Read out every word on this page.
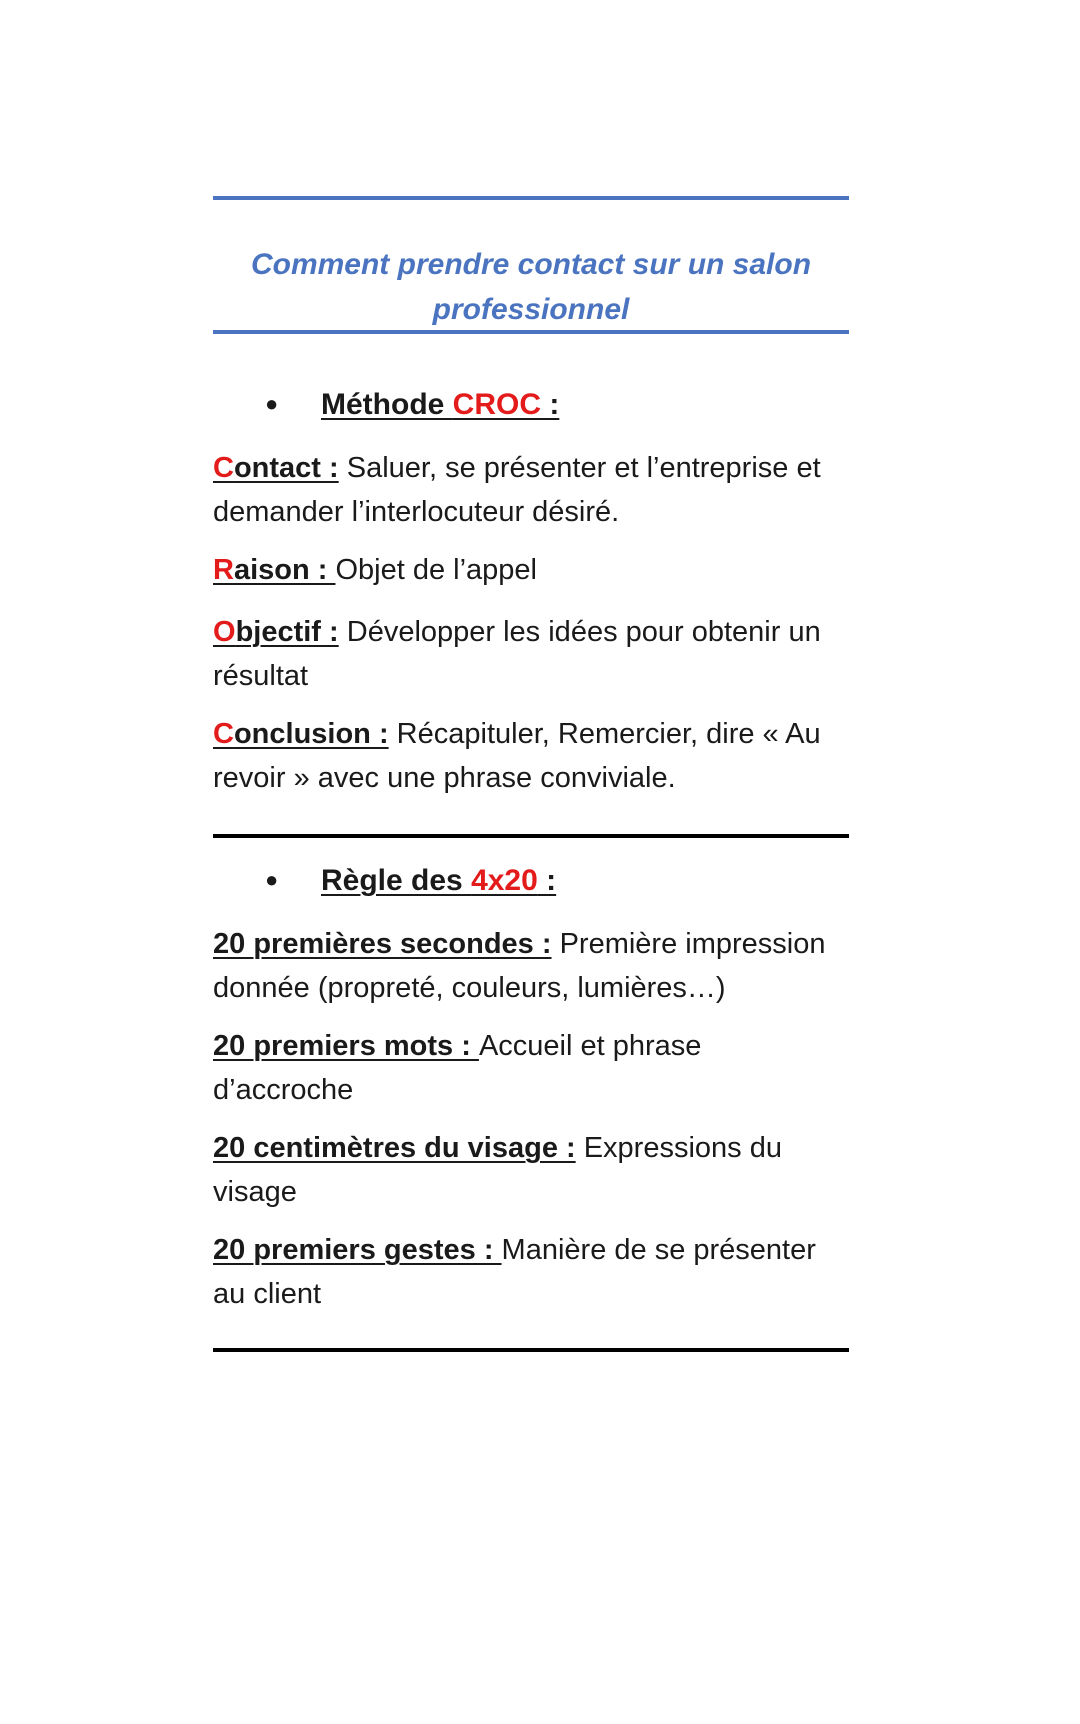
Comment prendre contact sur un salon professionnel
● Méthode CROC :

Contact : Saluer, se présenter et l’entreprise et demander l’interlocuteur désiré.

Raison : Objet de l’appel

Objectif : Développer les idées pour obtenir un résultat

Conclusion : Récapituler, Remercier, dire « Au revoir » avec une phrase conviviale.

● Règle des 4x20 :

20 premières secondes : Première impression donnée (propreté, couleurs, lumières…)

20 premiers mots : Accueil et phrase d’accroche

20 centimètres du visage : Expressions du visage

20 premiers gestes : Manière de se présenter au client
